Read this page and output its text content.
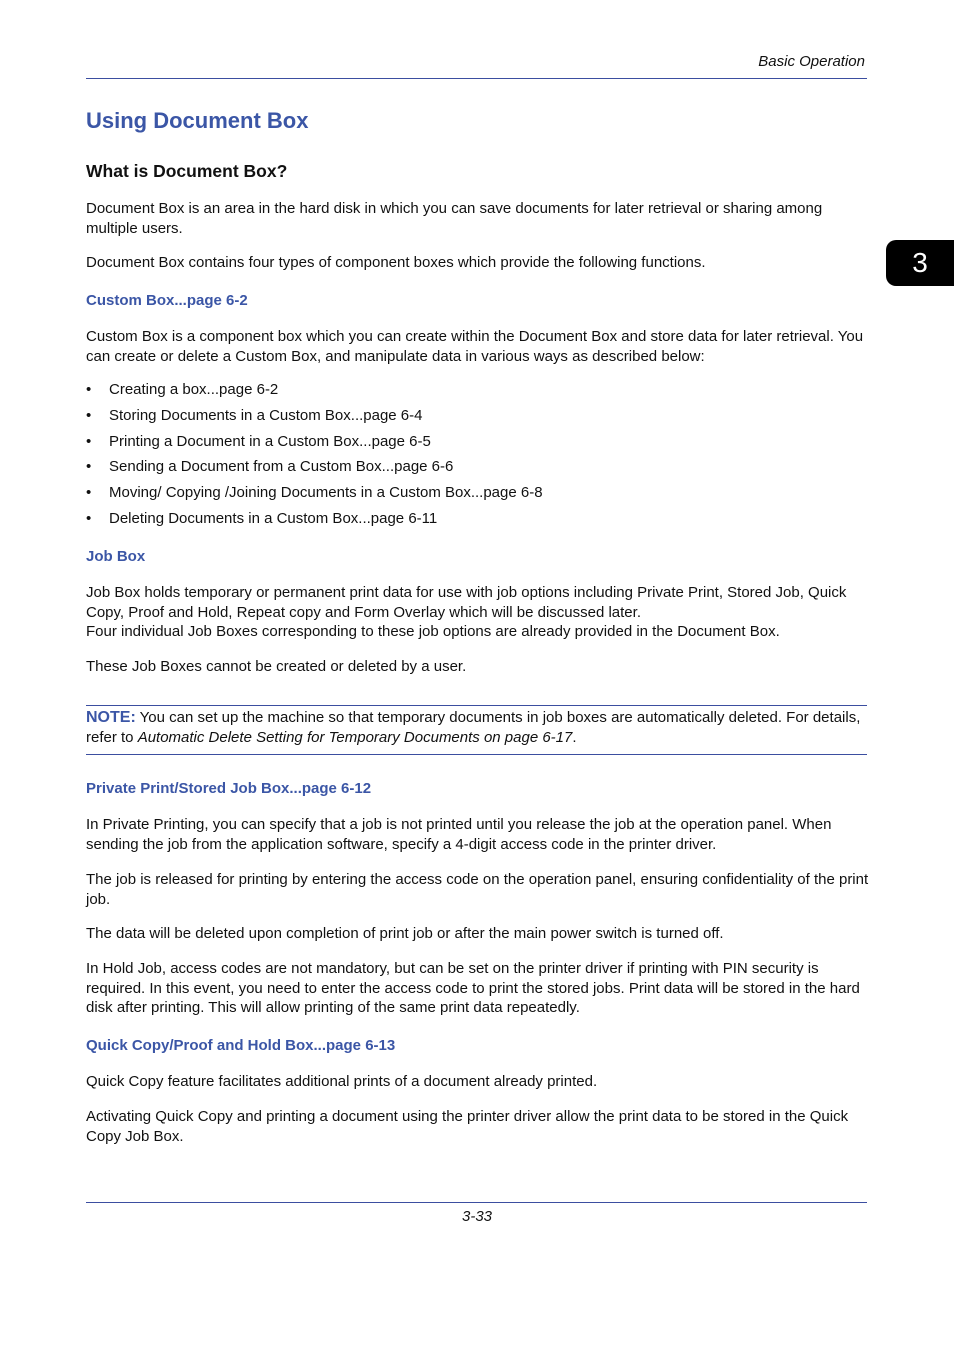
Basic Operation
3
Using Document Box
What is Document Box?
Document Box is an area in the hard disk in which you can save documents for later retrieval or sharing among multiple users.
Document Box contains four types of component boxes which provide the following functions.
Custom Box...page 6-2
Custom Box is a component box which you can create within the Document Box and store data for later retrieval. You can create or delete a Custom Box, and manipulate data in various ways as described below:
• Creating a box...page 6-2
• Storing Documents in a Custom Box...page 6-4
• Printing a Document in a Custom Box...page 6-5
• Sending a Document from a Custom Box...page 6-6
• Moving/ Copying /Joining Documents in a Custom Box...page 6-8
• Deleting Documents in a Custom Box...page 6-11
Job Box
Job Box holds temporary or permanent print data for use with job options including Private Print, Stored Job, Quick Copy, Proof and Hold, Repeat copy and Form Overlay which will be discussed later.
Four individual Job Boxes corresponding to these job options are already provided in the Document Box.
These Job Boxes cannot be created or deleted by a user.
NOTE: You can set up the machine so that temporary documents in job boxes are automatically deleted. For details, refer to Automatic Delete Setting for Temporary Documents on page 6-17.
Private Print/Stored Job Box...page 6-12
In Private Printing, you can specify that a job is not printed until you release the job at the operation panel. When sending the job from the application software, specify a 4-digit access code in the printer driver.
The job is released for printing by entering the access code on the operation panel, ensuring confidentiality of the print job.
The data will be deleted upon completion of print job or after the main power switch is turned off.
In Hold Job, access codes are not mandatory, but can be set on the printer driver if printing with PIN security is required. In this event, you need to enter the access code to print the stored jobs. Print data will be stored in the hard disk after printing. This will allow printing of the same print data repeatedly.
Quick Copy/Proof and Hold Box...page 6-13
Quick Copy feature facilitates additional prints of a document already printed.
Activating Quick Copy and printing a document using the printer driver allow the print data to be stored in the Quick Copy Job Box.
3-33
